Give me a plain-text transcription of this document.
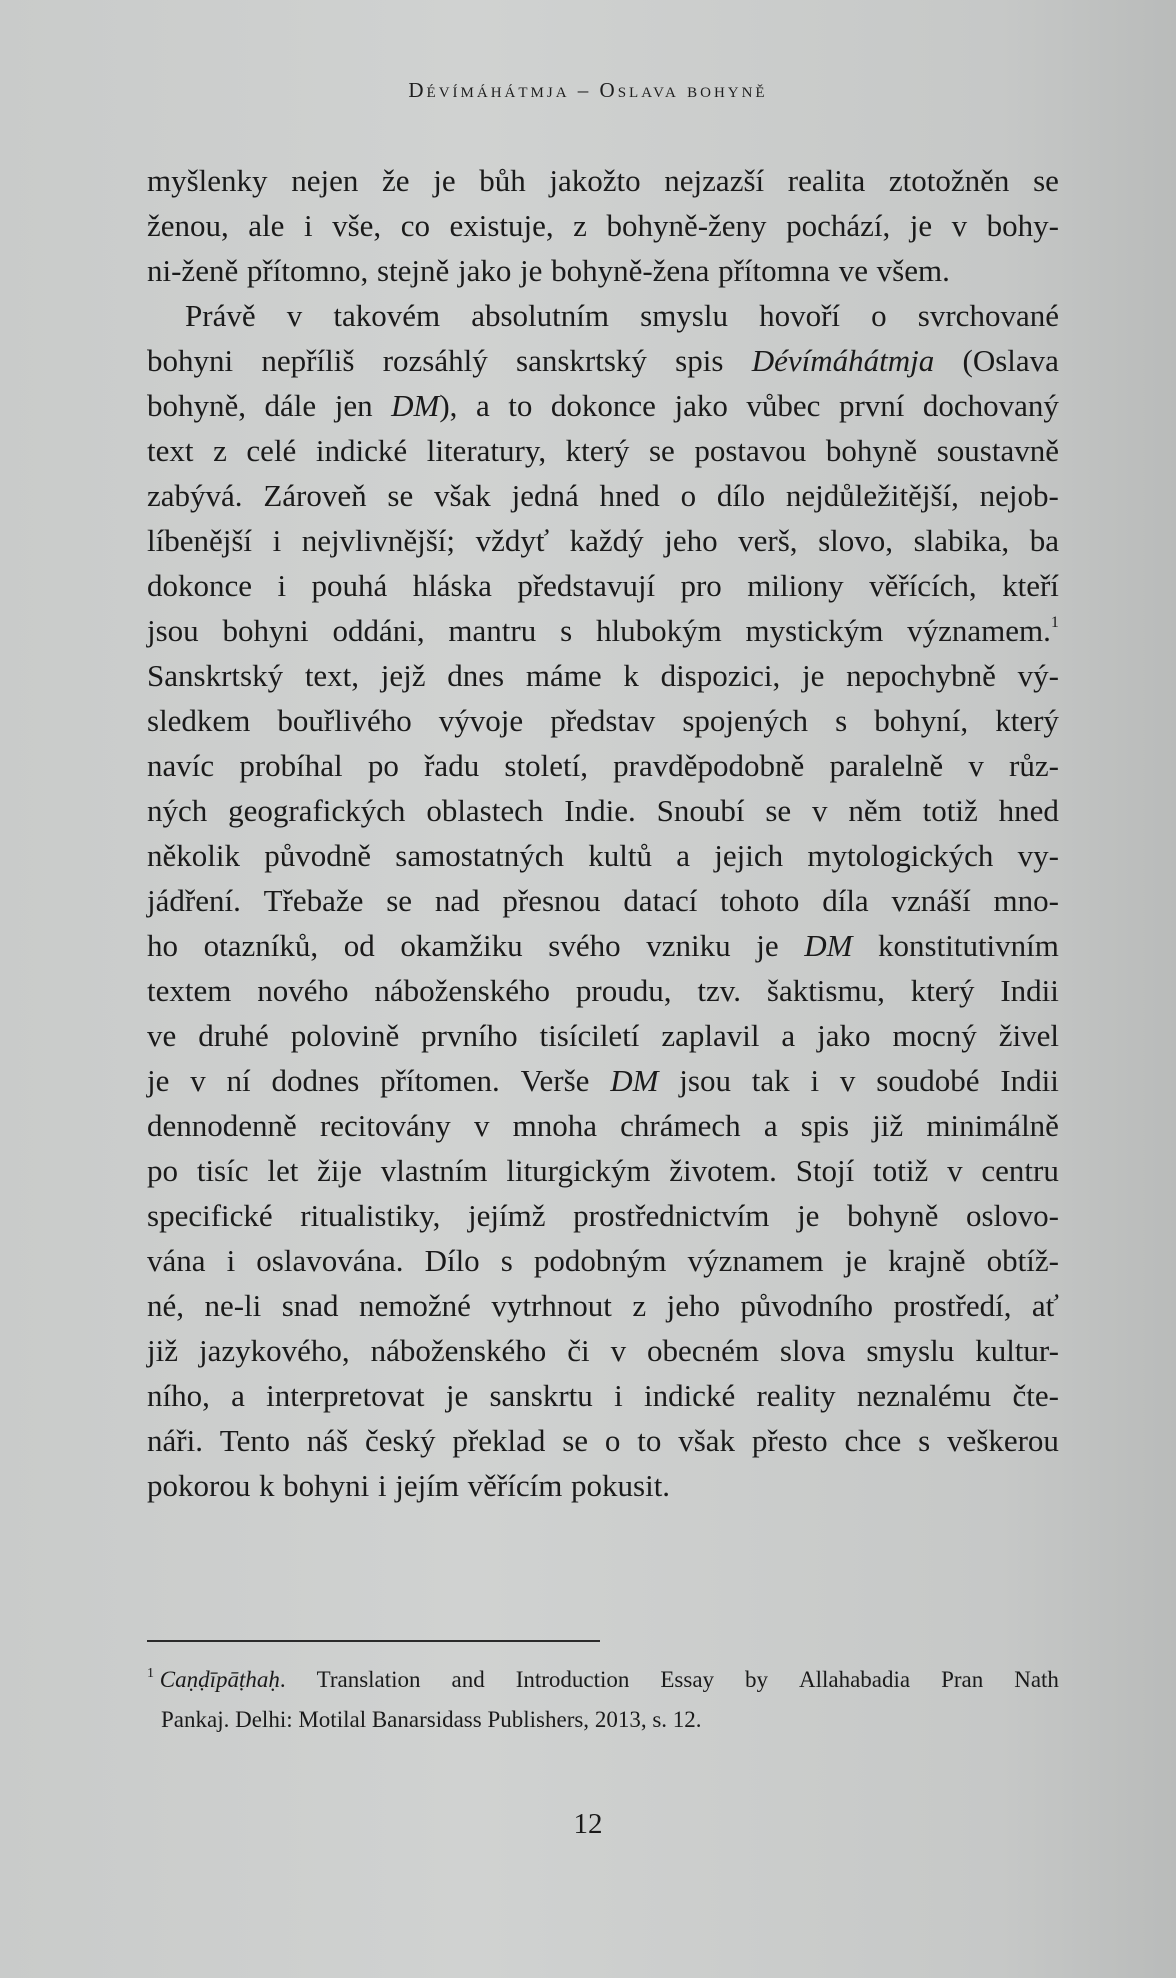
Dévímáhátmja – Oslava bohyně
myšlenky nejen že je bůh jakožto nejzazší realita ztotožněn se
ženou, ale i vše, co existuje, z bohyně-ženy pochází, je v bohy-
ni-ženě přítomno, stejně jako je bohyně-žena přítomna ve všem.
Právě v takovém absolutním smyslu hovoří o svrchované
bohyni nepříliš rozsáhlý sanskrtský spis Dévímáhátmja (Oslava
bohyně, dále jen DM), a to dokonce jako vůbec první dochovaný
text z celé indické literatury, který se postavou bohyně soustavně
zabývá. Zároveň se však jedná hned o dílo nejdůležitější, nejob-
líbenější i nejvlivnější; vždyť každý jeho verš, slovo, slabika, ba
dokonce i pouhá hláska představují pro miliony věřících, kteří
jsou bohyni oddáni, mantru s hlubokým mystickým významem.$^1$
Sanskrtský text, jejž dnes máme k dispozici, je nepochybně vý-
sledkem bouřlivého vývoje představ spojených s bohyní, který
navíc probíhal po řadu století, pravděpodobně paralelně v růz-
ných geografických oblastech Indie. Snoubí se v něm totiž hned
několik původně samostatných kultů a jejich mytologických vy-
jádření. Třebaže se nad přesnou datací tohoto díla vznáší mno-
ho otazníků, od okamžiku svého vzniku je DM konstitutivním
textem nového náboženského proudu, tzv. šaktismu, který Indii
ve druhé polovině prvního tisíciletí zaplavil a jako mocný živel
je v ní dodnes přítomen. Verše DM jsou tak i v soudobé Indii
dennodenně recitovány v mnoha chrámech a spis již minimálně
po tisíc let žije vlastním liturgickým životem. Stojí totiž v centru
specifické ritualistiky, jejímž prostřednictvím je bohyně oslovo-
vána i oslavována. Dílo s podobným významem je krajně obtíž-
né, ne-li snad nemožné vytrhnout z jeho původního prostředí, ať
již jazykového, náboženského či v obecném slova smyslu kultur-
ního, a interpretovat je sanskrtu i indické reality neznalému čte-
náři. Tento náš český překlad se o to však přesto chce s veškerou
pokorou k bohyni i jejím věřícím pokusit.
$^1$ Caṇḍīpāṭhaḥ. Translation and Introduction Essay by Allahabadia Pran Nath
Pankaj. Delhi: Motilal Banarsidass Publishers, 2013, s. 12.
12
